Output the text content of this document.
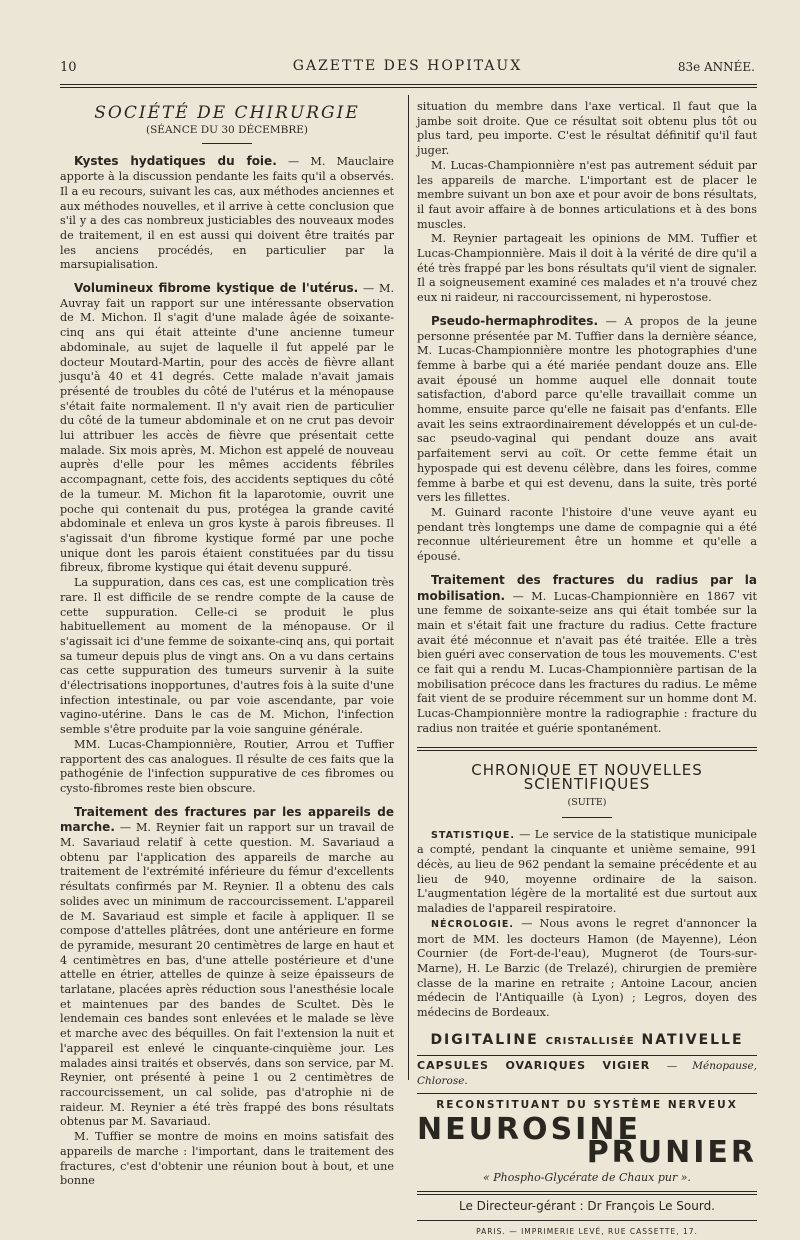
10	GAZETTE DES HOPITAUX	83e ANNÉE.
SOCIÉTÉ DE CHIRURGIE
(SÉANCE DU 30 DÉCEMBRE)

Kystes hydatiques du foie. — M. Mauclaire apporte à la discussion pendante les faits qu'il a observés. Il a eu recours, suivant les cas, aux méthodes anciennes et aux méthodes nouvelles, et il arrive à cette conclusion que s'il y a des cas nombreux justiciables des nouveaux modes de traitement, il en est aussi qui doivent être traités par les anciens procédés, en particulier par la marsupialisation.

Volumineux fibrome kystique de l'utérus. — M. Auvray fait un rapport sur une intéressante observation de M. Michon. Il s'agit d'une malade âgée de soixante-cinq ans qui était atteinte d'une ancienne tumeur abdominale, au sujet de laquelle il fut appelé par le docteur Moutard-Martin, pour des accès de fièvre allant jusqu'à 40 et 41 degrés. Cette malade n'avait jamais présenté de troubles du côté de l'utérus et la ménopause s'était faite normalement. Il n'y avait rien de particulier du côté de la tumeur abdominale et on ne crut pas devoir lui attribuer les accès de fièvre que présentait cette malade. Six mois après, M. Michon est appelé de nouveau auprès d'elle pour les mêmes accidents fébriles accompagnant, cette fois, des accidents septiques du côté de la tumeur. M. Michon fit la laparotomie, ouvrit une poche qui contenait du pus, protégea la grande cavité abdominale et enleva un gros kyste à parois fibreuses. Il s'agissait d'un fibrome kystique formé par une poche unique dont les parois étaient constituées par du tissu fibreux, fibrome kystique qui était devenu suppuré.

La suppuration, dans ces cas, est une complication très rare. Il est difficile de se rendre compte de la cause de cette suppuration. Celle-ci se produit le plus habituellement au moment de la ménopause. Or il s'agissait ici d'une femme de soixante-cinq ans, qui portait sa tumeur depuis plus de vingt ans. On a vu dans certains cas cette suppuration des tumeurs survenir à la suite d'électrisations inopportunes, d'autres fois à la suite d'une infection intestinale, ou par voie ascendante, par voie vagino-utérine. Dans le cas de M. Michon, l'infection semble s'être produite par la voie sanguine générale.

MM. Lucas-Championnière, Routier, Arrou et Tuffier rapportent des cas analogues. Il résulte de ces faits que la pathogénie de l'infection suppurative de ces fibromes ou cysto-fibromes reste bien obscure.

Traitement des fractures par les appareils de marche. — M. Reynier fait un rapport sur un travail de M. Savariaud relatif à cette question. M. Savariaud a obtenu par l'application des appareils de marche au traitement de l'extrémité inférieure du fémur d'excellents résultats confirmés par M. Reynier. Il a obtenu des cals solides avec un minimum de raccourcissement. L'appareil de M. Savariaud est simple et facile à appliquer. Il se compose d'attelles plâtrées, dont une antérieure en forme de pyramide, mesurant 20 centimètres de large en haut et 4 centimètres en bas, d'une attelle postérieure et d'une attelle en étrier, attelles de quinze à seize épaisseurs de tarlatane, placées après réduction sous l'anesthésie locale et maintenues par des bandes de Scultet. Dès le lendemain ces bandes sont enlevées et le malade se lève et marche avec des béquilles. On fait l'extension la nuit et l'appareil est enlevé le cinquante-cinquième jour. Les malades ainsi traités et observés, dans son service, par M. Reynier, ont présenté à peine 1 ou 2 centimètres de raccourcissement, un cal solide, pas d'atrophie ni de raideur. M. Reynier a été très frappé des bons résultats obtenus par M. Savariaud.

M. Tuffier se montre de moins en moins satisfait des appareils de marche : l'important, dans le traitement des fractures, c'est d'obtenir une réunion bout à bout, et une bonne

situation du membre dans l'axe vertical. Il faut que la jambe soit droite. Que ce résultat soit obtenu plus tôt ou plus tard, peu importe. C'est le résultat définitif qu'il faut juger.

M. Lucas-Championnière n'est pas autrement séduit par les appareils de marche. L'important est de placer le membre suivant un bon axe et pour avoir de bons résultats, il faut avoir affaire à de bonnes articulations et à des bons muscles.

M. Reynier partageait les opinions de MM. Tuffier et Lucas-Championnière. Mais il doit à la vérité de dire qu'il a été très frappé par les bons résultats qu'il vient de signaler. Il a soigneusement examiné ces malades et n'a trouvé chez eux ni raideur, ni raccourcissement, ni hyperostose.

Pseudo-hermaphrodites. — A propos de la jeune personne présentée par M. Tuffier dans la dernière séance, M. Lucas-Championnière montre les photographies d'une femme à barbe qui a été mariée pendant douze ans. Elle avait épousé un homme auquel elle donnait toute satisfaction, d'abord parce qu'elle travaillait comme un homme, ensuite parce qu'elle ne faisait pas d'enfants. Elle avait les seins extraordinairement développés et un cul-de-sac pseudo-vaginal qui pendant douze ans avait parfaitement servi au coït. Or cette femme était un hypospade qui est devenu célèbre, dans les foires, comme femme à barbe et qui est devenu, dans la suite, très porté vers les fillettes.

M. Guinard raconte l'histoire d'une veuve ayant eu pendant très longtemps une dame de compagnie qui a été reconnue ultérieurement être un homme et qu'elle a épousé.

Traitement des fractures du radius par la mobilisation. — M. Lucas-Championnière en 1867 vit une femme de soixante-seize ans qui était tombée sur la main et s'était fait une fracture du radius. Cette fracture avait été méconnue et n'avait pas été traitée. Elle a très bien guéri avec conservation de tous les mouvements. C'est ce fait qui a rendu M. Lucas-Championnière partisan de la mobilisation précoce dans les fractures du radius. Le même fait vient de se produire récemment sur un homme dont M. Lucas-Championnière montre la radiographie : fracture du radius non traitée et guérie spontanément.

CHRONIQUE ET NOUVELLES SCIENTIFIQUES
(SUITE)

STATISTIQUE. — Le service de la statistique municipale a compté, pendant la cinquante et unième semaine, 991 décès, au lieu de 962 pendant la semaine précédente et au lieu de 940, moyenne ordinaire de la saison. L'augmentation légère de la mortalité est due surtout aux maladies de l'appareil respiratoire.

NÉCROLOGIE. — Nous avons le regret d'annoncer la mort de MM. les docteurs Hamon (de Mayenne), Léon Cournier (de Fort-de-l'eau), Mugnerot (de Tours-sur-Marne), H. Le Barzic (de Trelazé), chirurgien de première classe de la marine en retraite ; Antoine Lacour, ancien médecin de l'Antiquaille (à Lyon) ; Legros, doyen des médecins de Bordeaux.

DIGITALINE CRISTALLISÉE NATIVELLE
CAPSULES OVARIQUES VIGIER — Ménopause, Chlorose.
RECONSTITUANT DU SYSTÈME NERVEUX
NEUROSINE
PRUNIER
« Phospho-Glycérate de Chaux pur ».
Le Directeur-gérant : Dr François Le Sourd.
PARIS. — IMPRIMERIE LEVÉ, RUE CASSETTE, 17.
